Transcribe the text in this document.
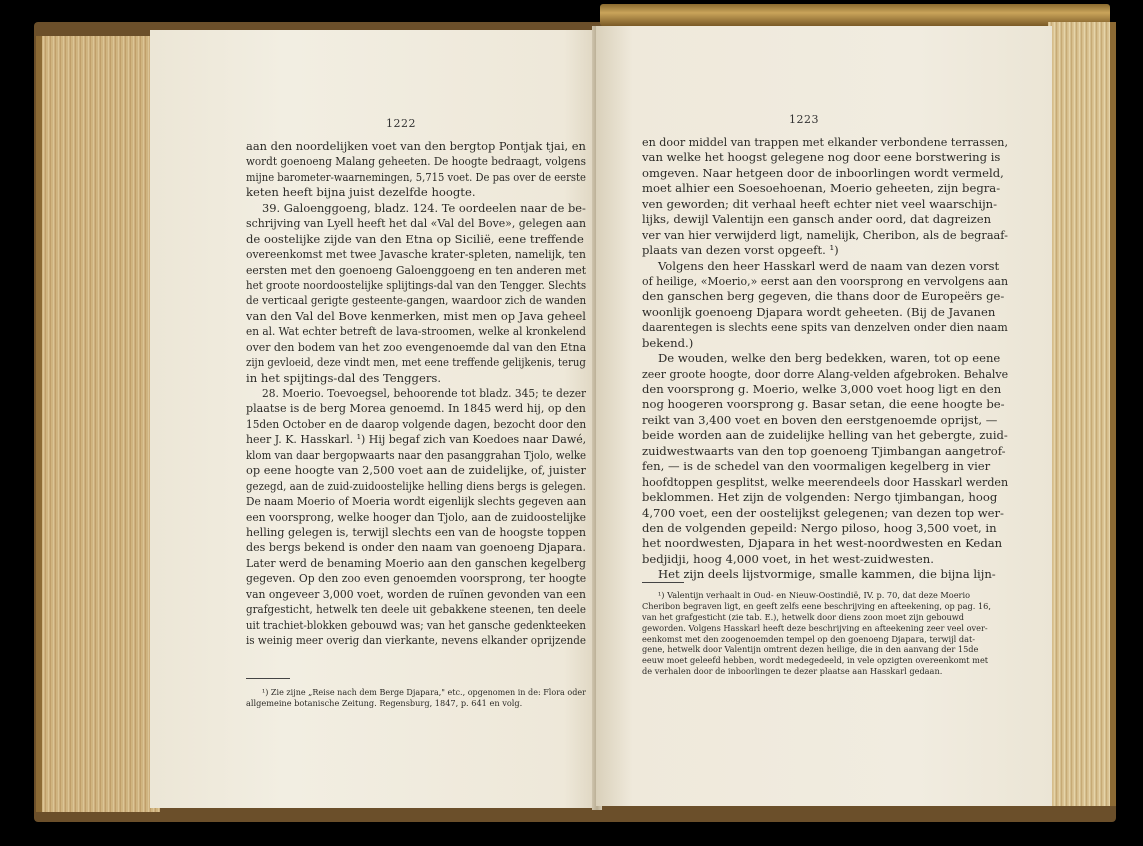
1222
aan den noordelijken voet van den bergtop Pontjak tjai, en
wordt goenoeng Malang geheeten. De hoogte bedraagt, volgens
mijne barometer-waarnemingen, 5,715 voet. De pas over de eerste
keten heeft bijna juist dezelfde hoogte.
39. Galoenggoeng, bladz. 124. Te oordeelen naar de be-
schrijving van Lyell heeft het dal «Val del Bove», gelegen aan
de oostelijke zijde van den Etna op Sicilië, eene treffende
overeenkomst met twee Javasche krater-spleten, namelijk, ten
eersten met den goenoeng Galoenggoeng en ten anderen met
het groote noordoostelijke splijtings-dal van den Tengger. Slechts
de verticaal gerigte gesteente-gangen, waardoor zich de wanden
van den Val del Bove kenmerken, mist men op Java geheel
en al. Wat echter betreft de lava-stroomen, welke al kronkelend
over den bodem van het zoo evengenoemde dal van den Etna
zijn gevloeid, deze vindt men, met eene treffende gelijkenis, terug
in het spijtings-dal des Tenggers.
28. Moerio. Toevoegsel, behoorende tot bladz. 345; te dezer
plaatse is de berg Morea genoemd. In 1845 werd hij, op den
15den October en de daarop volgende dagen, bezocht door den
heer J. K. Hasskarl. ¹) Hij begaf zich van Koedoes naar Dawé,
klom van daar bergopwaarts naar den pasanggrahan Tjolo, welke
op eene hoogte van 2,500 voet aan de zuidelijke, of, juister
gezegd, aan de zuid-zuidoostelijke helling diens bergs is gelegen.
De naam Moerio of Moeria wordt eigenlijk slechts gegeven aan
een voorsprong, welke hooger dan Tjolo, aan de zuidoostelijke
helling gelegen is, terwijl slechts een van de hoogste toppen
des bergs bekend is onder den naam van goenoeng Djapara.
Later werd de benaming Moerio aan den ganschen kegelberg
gegeven. Op den zoo even genoemden voorsprong, ter hoogte
van ongeveer 3,000 voet, worden de ruïnen gevonden van een
grafgesticht, hetwelk ten deele uit gebakkene steenen, ten deele
uit trachiet-blokken gebouwd was; van het gansche gedenkteeken
is weinig meer overig dan vierkante, nevens elkander oprijzende
¹) Zie zijne „Reise nach dem Berge Djapara," etc., opgenomen in de: Flora oder
allgemeine botanische Zeitung. Regensburg, 1847, p. 641 en volg.
1223
en door middel van trappen met elkander verbondene terrassen,
van welke het hoogst gelegene nog door eene borstwering is
omgeven. Naar hetgeen door de inboorlingen wordt vermeld,
moet alhier een Soesoehoenan, Moerio geheeten, zijn begra-
ven geworden; dit verhaal heeft echter niet veel waarschijn-
lijks, dewijl Valentijn een gansch ander oord, dat dagreizen
ver van hier verwijderd ligt, namelijk, Cheribon, als de begraaf-
plaats van dezen vorst opgeeft. ¹)
Volgens den heer Hasskarl werd de naam van dezen vorst
of heilige, «Moerio,» eerst aan den voorsprong en vervolgens aan
den ganschen berg gegeven, die thans door de Europeërs ge-
woonlijk goenoeng Djapara wordt geheeten. (Bij de Javanen
daarentegen is slechts eene spits van denzelven onder dien naam
bekend.)
De wouden, welke den berg bedekken, waren, tot op eene
zeer groote hoogte, door dorre Alang-velden afgebroken. Behalve
den voorsprong g. Moerio, welke 3,000 voet hoog ligt en den
nog hoogeren voorsprong g. Basar setan, die eene hoogte be-
reikt van 3,400 voet en boven den eerstgenoemde oprijst, —
beide worden aan de zuidelijke helling van het gebergte, zuid-
zuidwestwaarts van den top goenoeng Tjimbangan aangetrof-
fen, — is de schedel van den voormaligen kegelberg in vier
hoofdtoppen gesplitst, welke meerendeels door Hasskarl werden
beklommen. Het zijn de volgenden: Nergo tjimbangan, hoog
4,700 voet, een der oostelijkst gelegenen; van dezen top wer-
den de volgenden gepeild: Nergo piloso, hoog 3,500 voet, in
het noordwesten, Djapara in het west-noordwesten en Kedan
bedjidji, hoog 4,000 voet, in het west-zuidwesten.
Het zijn deels lijstvormige, smalle kammen, die bijna lijn-
¹) Valentijn verhaalt in Oud- en Nieuw-Oostindië, IV. p. 70, dat deze Moerio
Cheribon begraven ligt, en geeft zelfs eene beschrijving en afteekening, op pag. 16,
van het grafgesticht (zie tab. E.), hetwelk door diens zoon moet zijn gebouwd
geworden. Volgens Hasskarl heeft deze beschrijving en afteekening zeer veel over-
eenkomst met den zoogenoemden tempel op den goenoeng Djapara, terwijl dat-
gene, hetwelk door Valentijn omtrent dezen heilige, die in den aanvang der 15de
eeuw moet geleefd hebben, wordt medegedeeld, in vele opzigten overeenkomt met
de verhalen door de inboorlingen te dezer plaatse aan Hasskarl gedaan.
